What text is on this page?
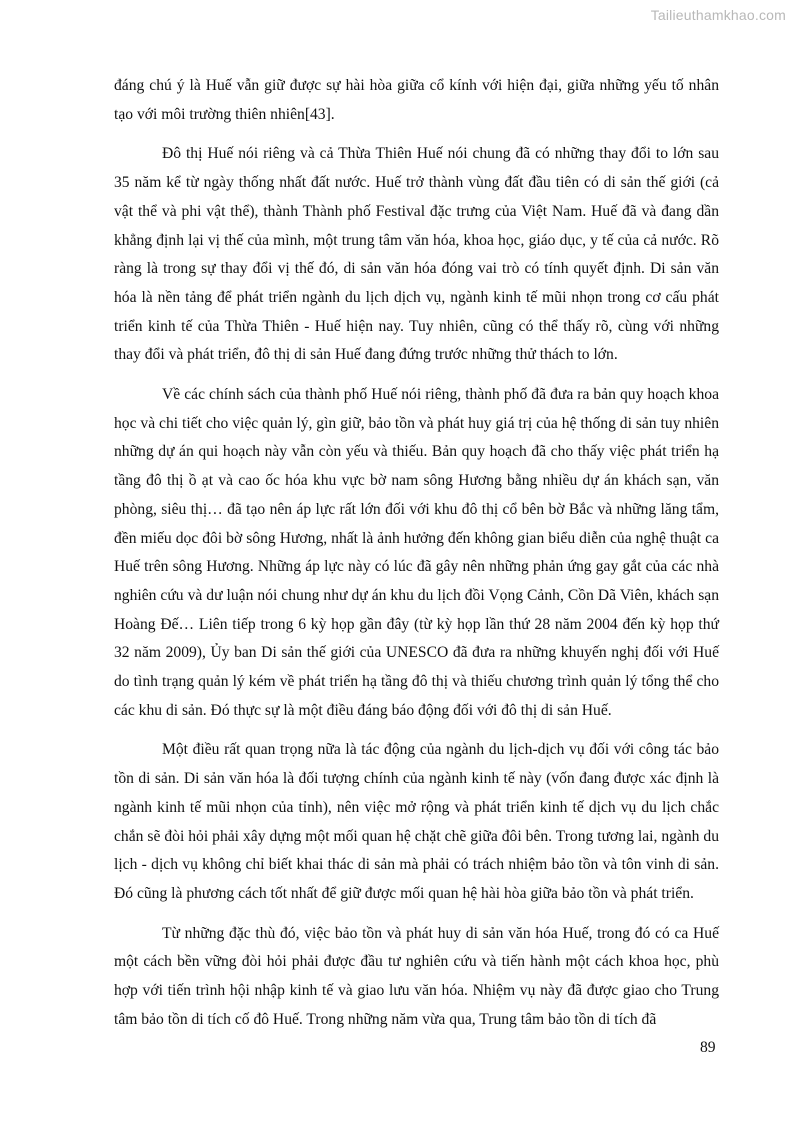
Tailieuthamkhao.com

đáng chú ý là Huế vẫn giữ được sự hài hòa giữa cổ kính với hiện đại, giữa những yếu tố nhân tạo với môi trường thiên nhiên[43].

Đô thị Huế nói riêng và cả Thừa Thiên Huế nói chung đã có những thay đổi to lớn sau 35 năm kể từ ngày thống nhất đất nước. Huế trở thành vùng đất đầu tiên có di sản thế giới (cả vật thể và phi vật thể), thành Thành phố Festival đặc trưng của Việt Nam. Huế đã và đang dần khẳng định lại vị thế của mình, một trung tâm văn hóa, khoa học, giáo dục, y tế của cả nước. Rõ ràng là trong sự thay đổi vị thế đó, di sản văn hóa đóng vai trò có tính quyết định. Di sản văn hóa là nền tảng để phát triển ngành du lịch dịch vụ, ngành kinh tế mũi nhọn trong cơ cấu phát triển kinh tế của Thừa Thiên - Huế hiện nay. Tuy nhiên, cũng có thể thấy rõ, cùng với những thay đổi và phát triển, đô thị di sản Huế đang đứng trước những thử thách to lớn.

Về các chính sách của thành phố Huế nói riêng, thành phố đã đưa ra bản quy hoạch khoa học và chi tiết cho việc quản lý, gìn giữ, bảo tồn và phát huy giá trị của hệ thống di sản tuy nhiên những dự án qui hoạch này vẫn còn yếu và thiếu. Bản quy hoạch đã cho thấy việc phát triển hạ tầng đô thị ồ ạt và cao ốc hóa khu vực bờ nam sông Hương bằng nhiều dự án khách sạn, văn phòng, siêu thị… đã tạo nên áp lực rất lớn đối với khu đô thị cổ bên bờ Bắc và những lăng tẩm, đền miếu dọc đôi bờ sông Hương, nhất là ảnh hưởng đến không gian biểu diễn của nghệ thuật ca Huế trên sông Hương. Những áp lực này có lúc đã gây nên những phản ứng gay gắt của các nhà nghiên cứu và dư luận nói chung như dự án khu du lịch đồi Vọng Cảnh, Cồn Dã Viên, khách sạn Hoàng Đế… Liên tiếp trong 6 kỳ họp gần đây (từ kỳ họp lần thứ 28 năm 2004 đến kỳ họp thứ 32 năm 2009), Ủy ban Di sản thế giới của UNESCO đã đưa ra những khuyến nghị đối với Huế do tình trạng quản lý kém về phát triển hạ tầng đô thị và thiếu chương trình quản lý tổng thể cho các khu di sản. Đó thực sự là một điều đáng báo động đối với đô thị di sản Huế.

Một điều rất quan trọng nữa là tác động của ngành du lịch-dịch vụ đối với công tác bảo tồn di sản. Di sản văn hóa là đối tượng chính của ngành kinh tế này (vốn đang được xác định là ngành kinh tế mũi nhọn của tỉnh), nên việc mở rộng và phát triển kinh tế dịch vụ du lịch chắc chắn sẽ đòi hỏi phải xây dựng một mối quan hệ chặt chẽ giữa đôi bên. Trong tương lai, ngành du lịch - dịch vụ không chỉ biết khai thác di sản mà phải có trách nhiệm bảo tồn và tôn vinh di sản. Đó cũng là phương cách tốt nhất để giữ được mối quan hệ hài hòa giữa bảo tồn và phát triển.

Từ những đặc thù đó, việc bảo tồn và phát huy di sản văn hóa Huế, trong đó có ca Huế một cách bền vững đòi hỏi phải được đầu tư nghiên cứu và tiến hành một cách khoa học, phù hợp với tiến trình hội nhập kinh tế và giao lưu văn hóa. Nhiệm vụ này đã được giao cho Trung tâm bảo tồn di tích cố đô Huế. Trong những năm vừa qua, Trung tâm bảo tồn di tích đã

89
